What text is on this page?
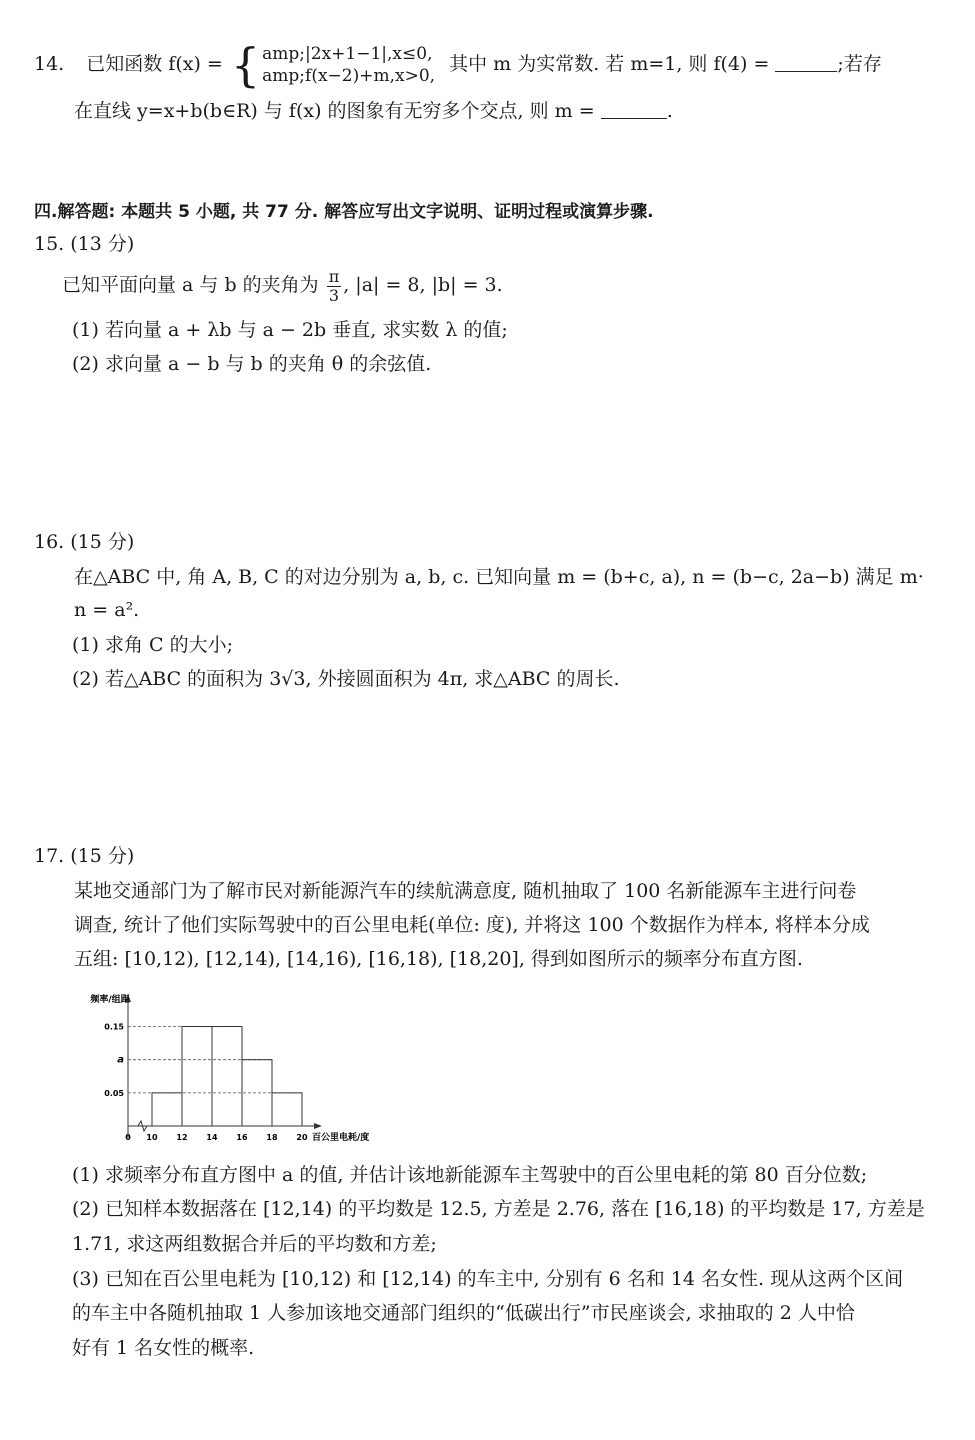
14. 已知函数 f(x) = { amp;|2x+1−1|,x≤0,
amp;f(x−2)+m,x>0,
其中 m 为实常数. 若 m=1, 则 f(4) =	;若存
在直线 y=x+b(b∈R) 与 f(x) 的图象有无穷多个交点, 则 m =	.
四.解答题: 本题共 5 小题, 共 77 分. 解答应写出文字说明、证明过程或演算步骤.
15. (13 分)
已知平面向量 a 与 b 的夹角为 $\frac{\pi}{3}$ , |a| = 8, |b| = 3.
(1) 若向量 a + λb 与 a − 2b 垂直, 求实数 λ 的值;
(2) 求向量 a − b 与 b 的夹角 θ 的余弦值.
16. (15 分)
在△ABC 中, 角 A, B, C 的对边分别为 a, b, c. 已知向量 m = (b+c, a), n = (b−c, 2a−b) 满足 m·
n = a².
(1) 求角 C 的大小;
(2) 若△ABC 的面积为 3√3, 外接圆面积为 4π, 求△ABC 的周长.
17. (15 分)
某地交通部门为了解市民对新能源汽车的续航满意度, 随机抽取了 100 名新能源车主进行问卷
调查, 统计了他们实际驾驶中的百公里电耗(单位: 度), 并将这 100 个数据作为样本, 将样本分成
五组: [10,12), [12,14), [14,16), [16,18), [18,20], 得到如图所示的频率分布直方图.
频率/组距
百公里电耗/度
0.15
a
0.05
0 10 12 14 16 18 20
(1) 求频率分布直方图中 a 的值, 并估计该地新能源车主驾驶中的百公里电耗的第 80 百分位数;
(2) 已知样本数据落在 [12,14) 的平均数是 12.5, 方差是 2.76, 落在 [16,18) 的平均数是 17, 方差是
1.71, 求这两组数据合并后的平均数和方差;
(3) 已知在百公里电耗为 [10,12) 和 [12,14) 的车主中, 分别有 6 名和 14 名女性. 现从这两个区间
的车主中各随机抽取 1 人参加该地交通部门组织的“低碳出行”市民座谈会, 求抽取的 2 人中恰
好有 1 名女性的概率.
